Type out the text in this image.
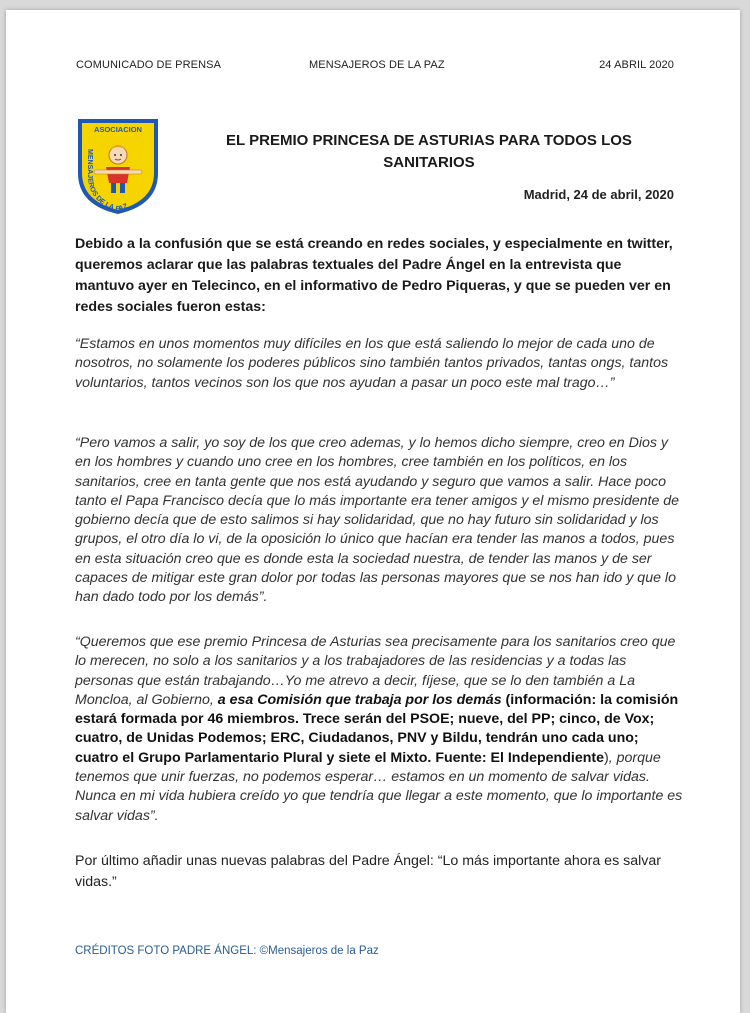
COMUNICADO DE PRENSA	MENSAJEROS DE LA PAZ	24 ABRIL 2020
ASOCIACION
MENSAJEROS DE LA PAZ
EL PREMIO PRINCESA DE ASTURIAS PARA TODOS LOS SANITARIOS
Madrid, 24 de abril, 2020
Debido a la confusión que se está creando en redes sociales, y especialmente en twitter, queremos aclarar que las palabras textuales del Padre Ángel en la entrevista que mantuvo ayer en Telecinco, en el informativo de Pedro Piqueras, y que se pueden ver en redes sociales fueron estas:
“Estamos en unos momentos muy difíciles en los que está saliendo lo mejor de cada uno de nosotros, no solamente los poderes públicos sino también tantos privados, tantas ongs, tantos voluntarios, tantos vecinos son los que nos ayudan a pasar un poco este mal trago…”
“Pero vamos a salir, yo soy de los que creo ademas, y lo hemos dicho siempre, creo en Dios y en los hombres y cuando uno cree en los hombres, cree también en los políticos, en los sanitarios, cree en tanta gente que nos está ayudando y seguro que vamos a salir. Hace poco tanto el Papa Francisco decía que lo más importante era tener amigos y el mismo presidente de gobierno decía que de esto salimos si hay solidaridad, que no hay futuro sin solidaridad y los grupos, el otro día lo vi, de la oposición lo único que hacían era tender las manos a todos, pues en esta situación creo que es donde esta la sociedad nuestra, de tender las manos y de ser capaces de mitigar este gran dolor por todas las personas mayores que se nos han ido y que lo han dado todo por los demás”.
“Queremos que ese premio Princesa de Asturias sea precisamente para los sanitarios creo que lo merecen, no solo a los sanitarios y a los trabajadores de las residencias y a todas las personas que están trabajando…Yo me atrevo a decir, fíjese, que se lo den también a La Moncloa, al Gobierno, a esa Comisión que trabaja por los demás (información: la comisión estará formada por 46 miembros. Trece serán del PSOE; nueve, del PP; cinco, de Vox; cuatro, de Unidas Podemos; ERC, Ciudadanos, PNV y Bildu, tendrán uno cada uno; cuatro el Grupo Parlamentario Plural y siete el Mixto. Fuente: El Independiente), porque tenemos que unir fuerzas, no podemos esperar… estamos en un momento de salvar vidas. Nunca en mi vida hubiera creído yo que tendría que llegar a este momento, que lo importante es salvar vidas”.
Por último añadir unas nuevas palabras del Padre Ángel: “Lo más importante ahora es salvar vidas.”
CRÉDITOS FOTO PADRE ÁNGEL: ©Mensajeros de la Paz
